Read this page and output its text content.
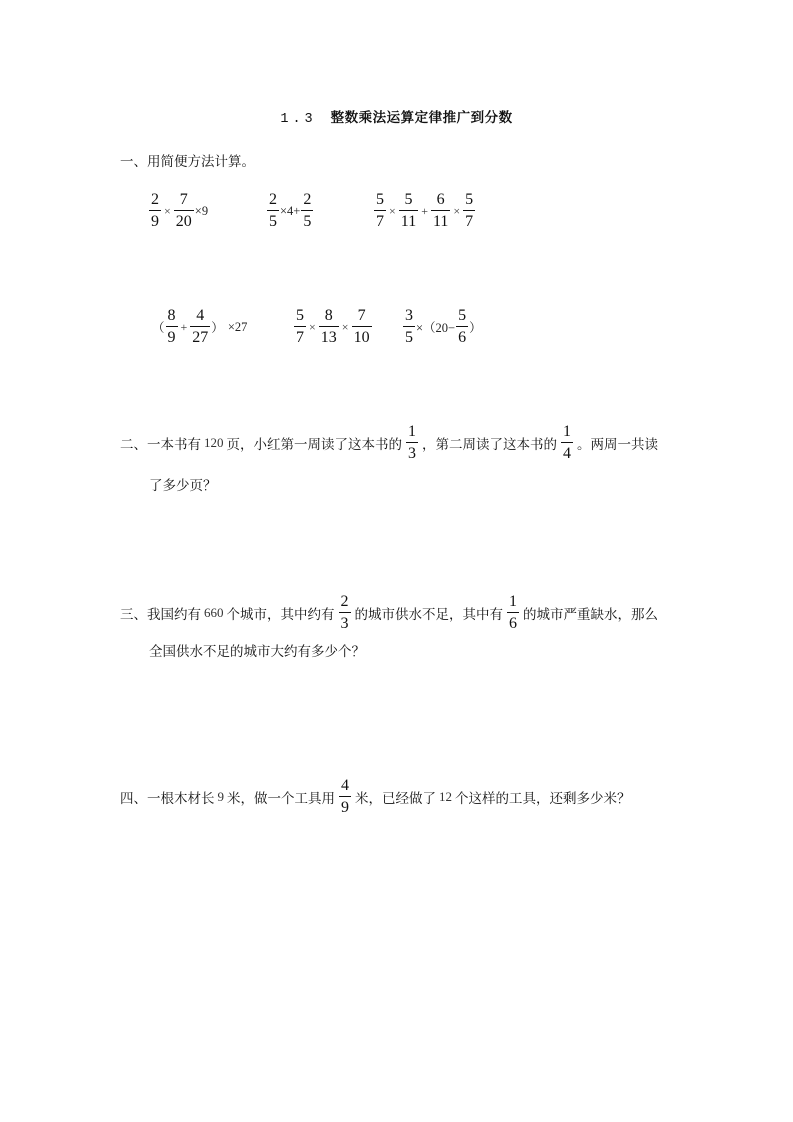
1.3 整数乘法运算定律推广到分数
一、用简便方法计算。
$\frac{2}{9} \times \frac{7}{20} \times 9$	$\frac{2}{5} \times 4+ \frac{2}{5}$	$\frac{5}{7} \times \frac{5}{11} + \frac{6}{11} \times \frac{5}{7}$
（ $\frac{8}{9} + \frac{4}{27}$ ） ×27	$\frac{5}{7} \times \frac{8}{13} \times \frac{7}{10} \frac{3}{5} \times(20- \frac{5}{6}$ ）
二、一本书有 120 页，小红第一周读了这本书的 $\frac{1}{3}$ ，第二周读了这本书的 $\frac{1}{4}$ 。两周一共读
了多少页？
三、我国约有 660 个城市，其中约有 $\frac{2}{3}$ 的城市供水不足，其中有 $\frac{1}{6}$ 的城市严重缺水，那么
全国供水不足的城市大约有多少个？
四、一根木材长 9 米，做一个工具用 $\frac{4}{9}$ 米，已经做了 12 个这样的工具，还剩多少米？
